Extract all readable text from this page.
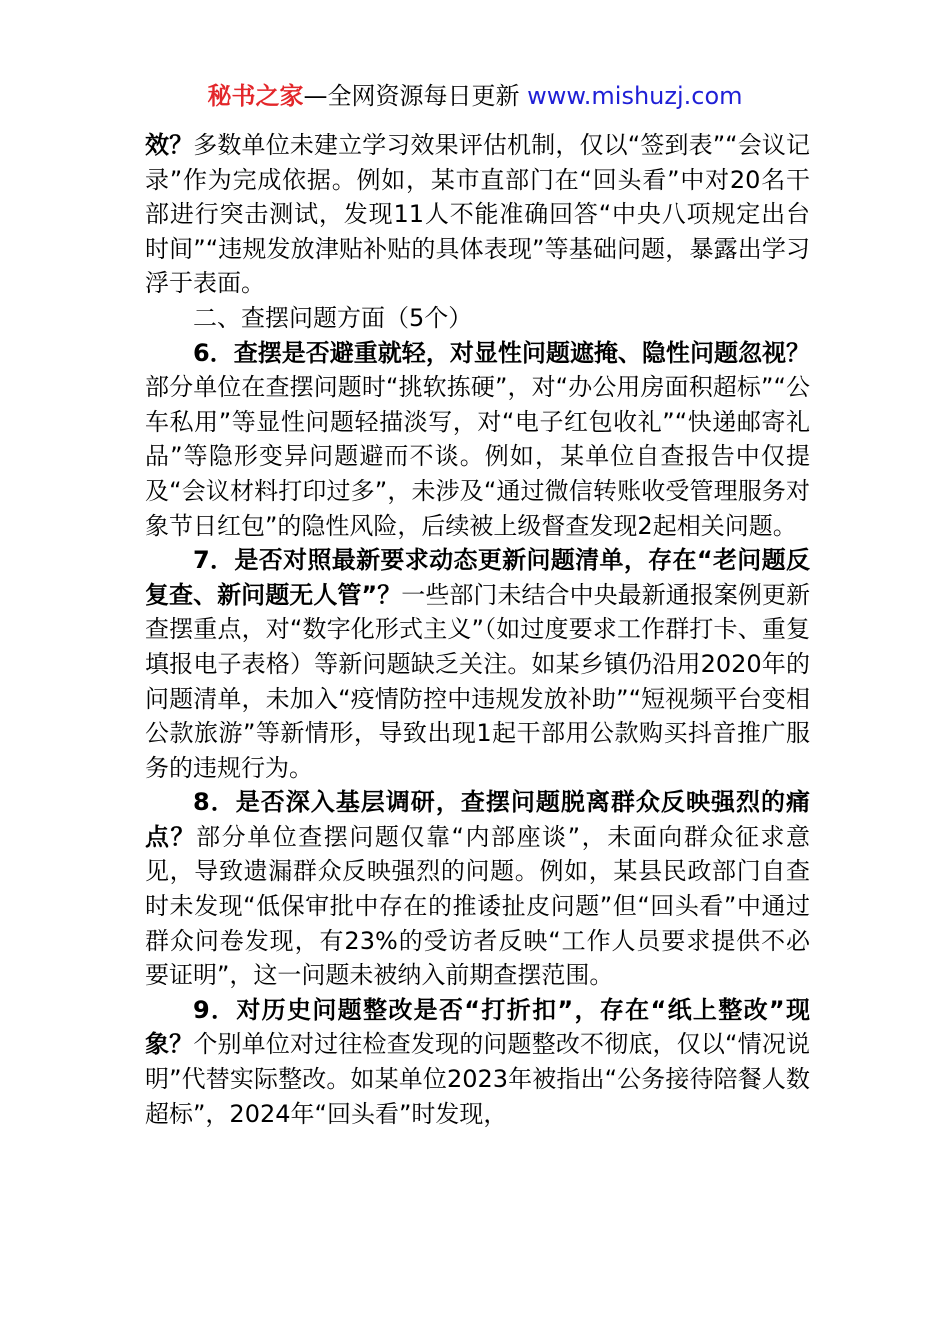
秘书之家—全网资源每日更新 www.mishuzj.com

效？多数单位未建立学习效果评估机制，仅以“签到表”“会议记录”作为完成依据。例如，某市直部门在“回头看”中对20名干部进行突击测试，发现11人不能准确回答“中央八项规定出台时间”“违规发放津贴补贴的具体表现”等基础问题，暴露出学习浮于表面。

二、查摆问题方面（5个）

6．查摆是否避重就轻，对显性问题遮掩、隐性问题忽视？部分单位在查摆问题时“挑软拣硬”，对“办公用房面积超标”“公车私用”等显性问题轻描淡写，对“电子红包收礼”“快递邮寄礼品”等隐形变异问题避而不谈。例如，某单位自查报告中仅提及“会议材料打印过多”，未涉及“通过微信转账收受管理服务对象节日红包”的隐性风险，后续被上级督查发现2起相关问题。

7．是否对照最新要求动态更新问题清单，存在“老问题反复查、新问题无人管”？一些部门未结合中央最新通报案例更新查摆重点，对“数字化形式主义”（如过度要求工作群打卡、重复填报电子表格）等新问题缺乏关注。如某乡镇仍沿用2020年的问题清单，未加入“疫情防控中违规发放补助”“短视频平台变相公款旅游”等新情形，导致出现1起干部用公款购买抖音推广服务的违规行为。

8．是否深入基层调研，查摆问题脱离群众反映强烈的痛点？部分单位查摆问题仅靠“内部座谈”，未面向群众征求意见，导致遗漏群众反映强烈的问题。例如，某县民政部门自查时未发现“低保审批中存在的推诿扯皮问题”但“回头看”中通过群众问卷发现，有23%的受访者反映“工作人员要求提供不必要证明”，这一问题未被纳入前期查摆范围。

9．对历史问题整改是否“打折扣”，存在“纸上整改”现象？个别单位对过往检查发现的问题整改不彻底，仅以“情况说明”代替实际整改。如某单位2023年被指出“公务接待陪餐人数超标”，2024年“回头看”时发现，
